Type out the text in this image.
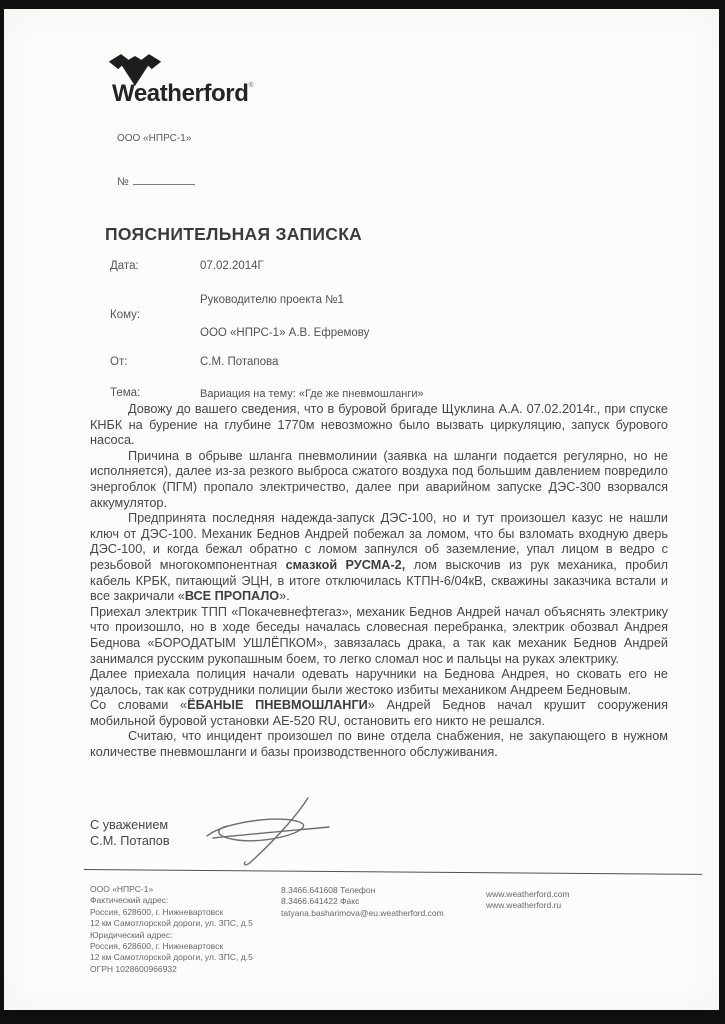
Weatherford®
ООО «НПРС-1»
№
ПОЯСНИТЕЛЬНАЯ ЗАПИСКА
Дата:	07.02.2014Г
Кому:
Руководителю проекта №1
ООО «НПРС-1» А.В. Ефремову
От:	С.М. Потапова
Тема:	Вариация на тему: «Где же пневмошланги»

Довожу до вашего сведения, что в буровой бригаде Щуклина А.А. 07.02.2014г., при спуске КНБК на бурение на глубине 1770м невозможно было вызвать циркуляцию, запуск бурового насоса.

Причина в обрыве шланга пневмолинии (заявка на шланги подается регулярно, но не исполняется), далее из-за резкого выброса сжатого воздуха под большим давлением повредило энергоблок (ПГМ) пропало электричество, далее при аварийном запуске ДЭС-300 взорвался аккумулятор.

Предпринята последняя надежда-запуск ДЭС-100, но и тут произошел казус не нашли ключ от ДЭС-100. Механик Беднов Андрей побежал за ломом, что бы взломать входную дверь ДЭС-100, и когда бежал обратно с ломом запнулся об заземление, упал лицом в ведро с резьбовой многокомпонентная смазкой РУСМА-2, лом выскочив из рук механика, пробил кабель КРБК, питающий ЭЦН, в итоге отключилась КТПН-6/04кВ, скважины заказчика встали и все закричали «ВСЕ ПРОПАЛО».

Приехал электрик ТПП «Покачевнефтегаз», механик Беднов Андрей начал объяснять электрику что произошло, но в ходе беседы началась словесная перебранка, электрик обозвал Андрея Беднова «БОРОДАТЫМ УШЛЁПКОМ», завязалась драка, а так как механик Беднов Андрей занимался русским рукопашным боем, то легко сломал нос и пальцы на руках электрику.

Далее приехала полиция начали одевать наручники на Беднова Андрея, но сковать его не удалось, так как сотрудники полиции были жестоко избиты механиком Андреем Бедновым.

Со словами «ЁБАНЫЕ ПНЕВМОШЛАНГИ» Андрей Беднов начал крушит сооружения мобильной буровой установки АЕ-520 RU, остановить его никто не решался.

Считаю, что инцидент произошел по вине отдела снабжения, не закупающего в нужном количестве пневмошланги и базы производственного обслуживания.

С уважением
С.М. Потапов
ООО «НПРС-1»
Фактический адрес:
Россия, 628600, г. Нижневартовск
12 км Самотлорской дороги, ул. ЗПС, д.5
Юридический адрес:
Россия, 628600, г. Нижневартовск
12 км Самотлорской дороги, ул. ЗПС, д.5
ОГРН 1028600966932
8.3466.641608 Телефон
8.3466.641422 Факс
tatyana.basharimova@eu.weatherford.com
www.weatherford.com
www.weatherford.ru
